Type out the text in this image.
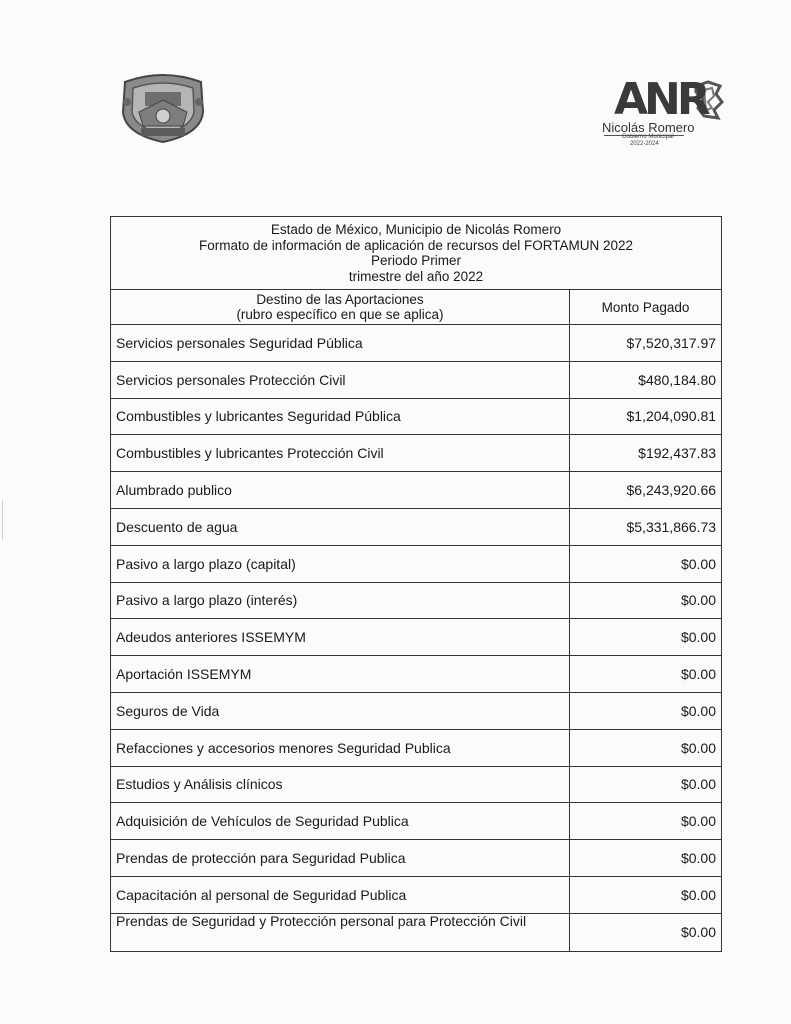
ANR
Nicolás Romero
Gobierno Municipal
2022-2024
Estado de México, Municipio de Nicolás Romero
Formato de información de aplicación de recursos del FORTAMUN 2022
Periodo Primer
trimestre del año 2022	

Destino de las Aportaciones
(rubro específico en que se aplica)	Monto Pagado
Servicios personales Seguridad Pública	$7,520,317.97
Servicios personales Protección Civil	$480,184.80
Combustibles y lubricantes Seguridad Pública	$1,204,090.81
Combustibles y lubricantes Protección Civil	$192,437.83
Alumbrado publico	$6,243,920.66
Descuento de agua	$5,331,866.73
Pasivo a largo plazo (capital)	$0.00
Pasivo a largo plazo (interés)	$0.00
Adeudos anteriores ISSEMYM	$0.00
Aportación ISSEMYM	$0.00
Seguros de Vida	$0.00
Refacciones y accesorios menores Seguridad Publica	$0.00
Estudios y Análisis clínicos	$0.00
Adquisición de Vehículos de Seguridad Publica	$0.00
Prendas de protección para Seguridad Publica	$0.00
Capacitación al personal de Seguridad Publica	$0.00
Prendas de Seguridad y Protección personal para Protección Civil	$0.00
